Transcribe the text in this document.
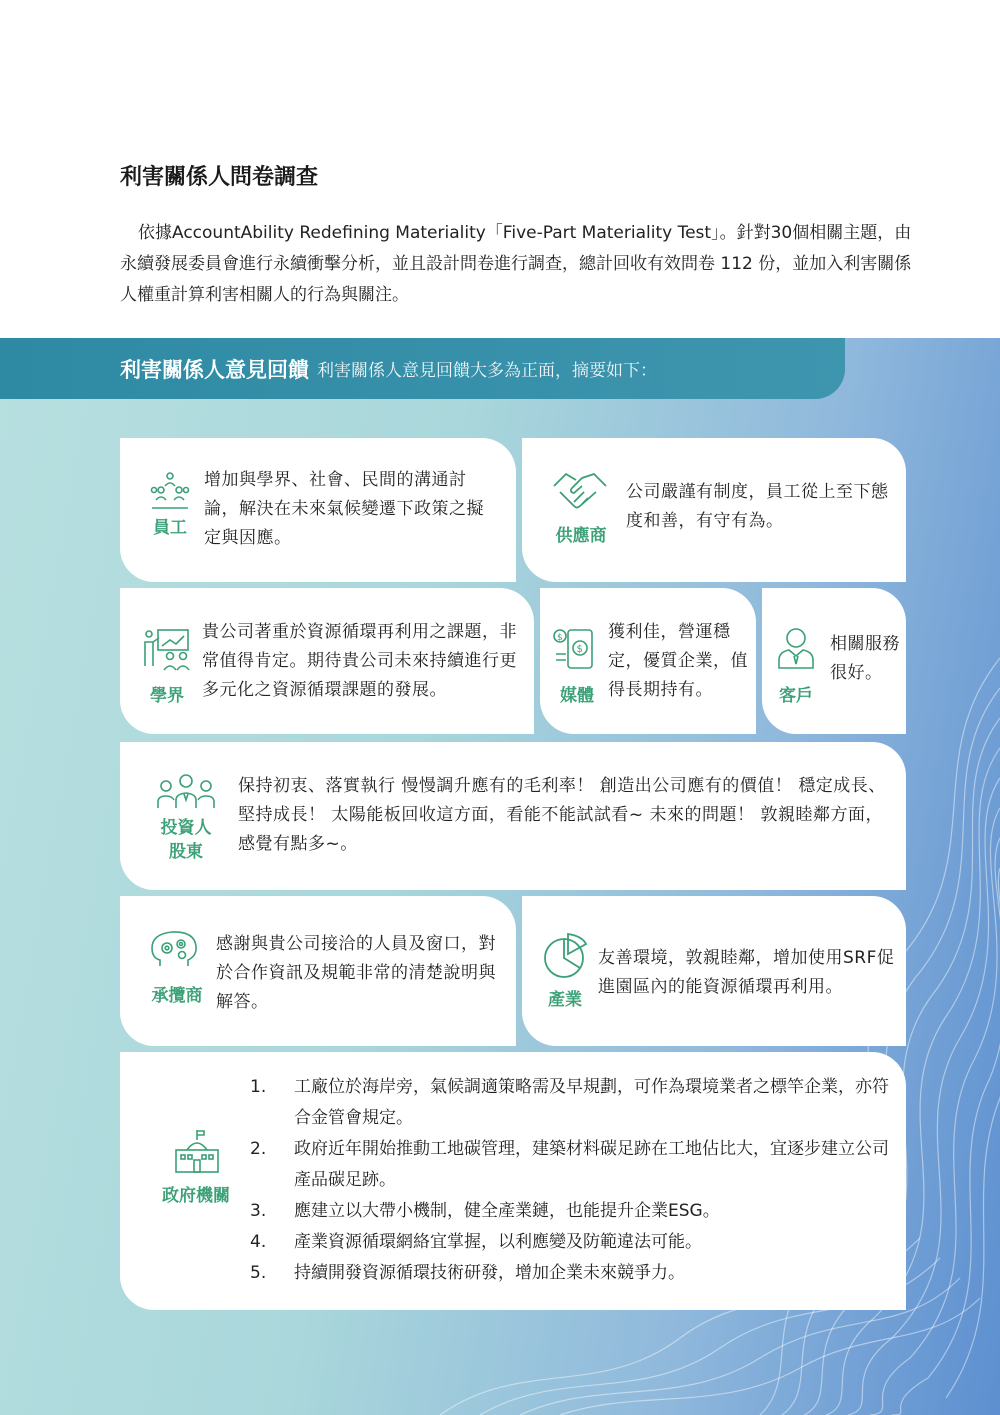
利害關係人問卷調查
依據AccountAbility Redefining Materiality「Five-Part Materiality Test」。針對30個相關主題，由永續發展委員會進行永續衝擊分析，並且設計問卷進行調查，總計回收有效問卷 112 份，並加入利害關係人權重計算利害相關人的行為與關注。
利害關係人意見回饋 利害關係人意見回饋大多為正面，摘要如下：
員工
增加與學界、社會、民間的溝通討論，解決在未來氣候變遷下政策之擬定與因應。	供應商
公司嚴謹有制度，員工從上至下態度和善，有守有為。
學界
貴公司著重於資源循環再利用之課題，非常值得肯定。期待貴公司未來持續進行更多元化之資源循環課題的發展。
$
$
媒體
獲利佳，營運穩定，優質企業，值得長期持有。	客戶
相關服務很好。
投資人
股東
保持初衷、落實執行 慢慢調升應有的毛利率！ 創造出公司應有的價值！ 穩定成長、堅持成長！ 太陽能板回收這方面，看能不能試試看~ 未來的問題！ 敦親睦鄰方面，感覺有點多~。
承攬商
感謝與貴公司接洽的人員及窗口，對於合作資訊及規範非常的清楚說明與解答。	產業
友善環境，敦親睦鄰，增加使用SRF促進園區內的能資源循環再利用。
政府機關
1.	工廠位於海岸旁，氣候調適策略需及早規劃，可作為環境業者之標竿企業，亦符合金管會規定。
2.	政府近年開始推動工地碳管理，建築材料碳足跡在工地佔比大，宜逐步建立公司產品碳足跡。
3.	應建立以大帶小機制，健全產業鏈，也能提升企業ESG。
4.	產業資源循環網絡宜掌握，以利應變及防範違法可能。
5.	持續開發資源循環技術研發，增加企業未來競爭力。
